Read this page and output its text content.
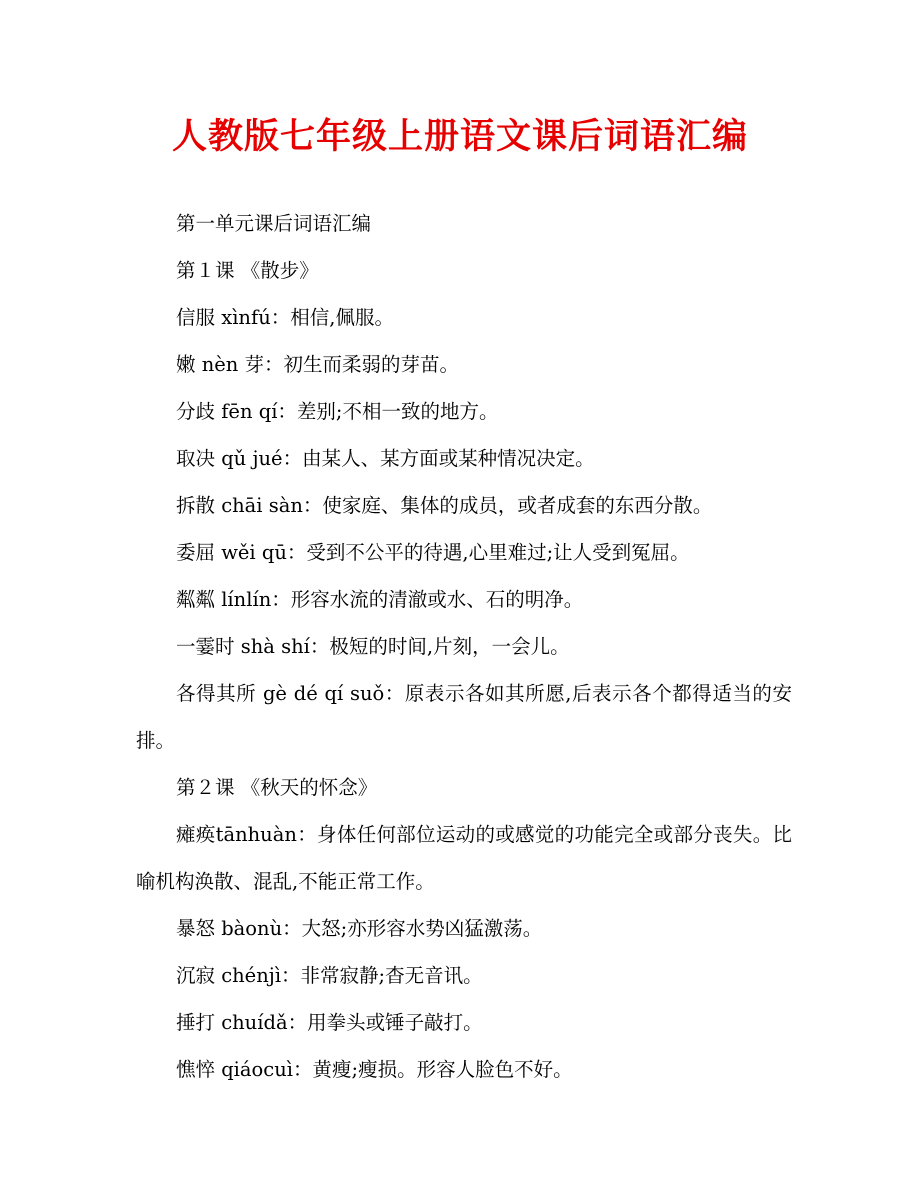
人教版七年级上册语文课后词语汇编

第一单元课后词语汇编

第１课 《散步》

信服 xìnfú：相信,佩服。

嫩 nèn 芽：初生而柔弱的芽苗。

分歧 fēn qí：差别;不相一致的地方。

取决 qǔ jué：由某人、某方面或某种情况决定。

拆散 chāi sàn：使家庭、集体的成员，或者成套的东西分散。

委屈 wěi qū：受到不公平的待遇,心里难过;让人受到冤屈。

粼粼 línlín：形容水流的清澈或水、石的明净。

一霎时 shà shí：极短的时间,片刻，一会儿。

各得其所 gè dé qí suǒ：原表示各如其所愿,后表示各个都得适当的安排。

第２课 《秋天的怀念》

瘫痪tānhuàn：身体任何部位运动的或感觉的功能完全或部分丧失。比喻机构涣散、混乱,不能正常工作。

暴怒 bàonù：大怒;亦形容水势凶猛激荡。

沉寂 chénjì：非常寂静;杳无音讯。

捶打 chuídǎ：用拳头或锤子敲打。

憔悴 qiáocuì：黄瘦;瘦损。形容人脸色不好。
